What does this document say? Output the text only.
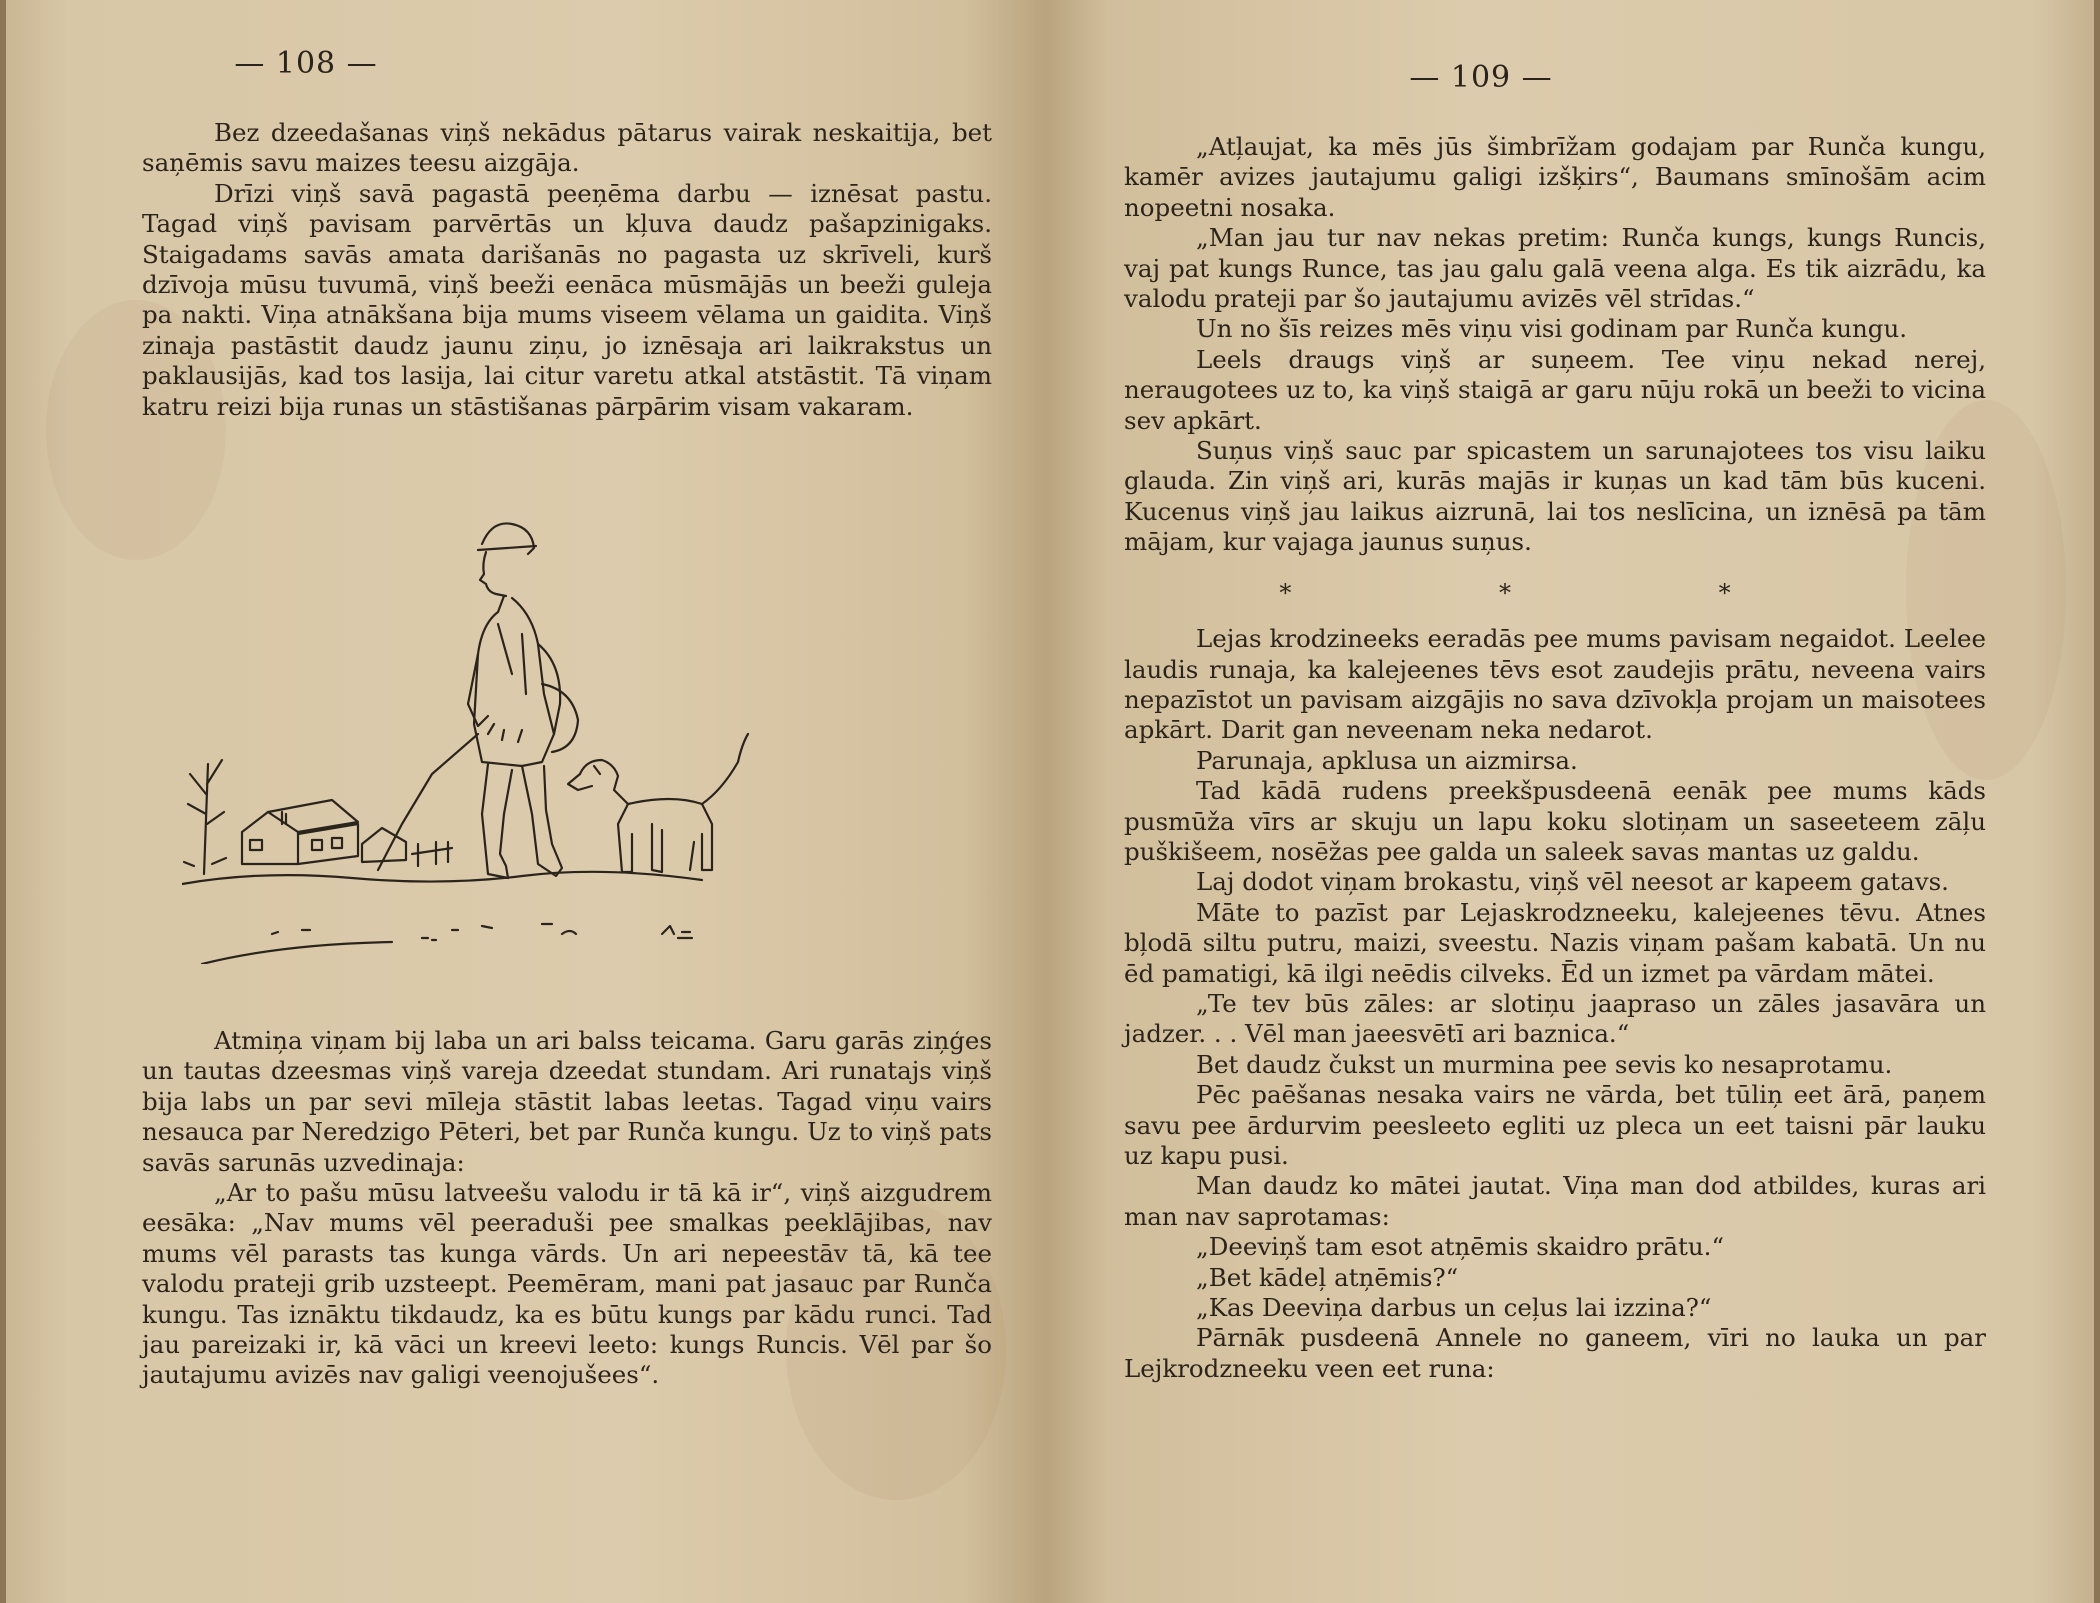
— 108 —

Bez dzeedašanas viņš nekādus pātarus vairak neskaitija, bet saņēmis savu maizes teesu aizgāja.

Drīzi viņš savā pagastā peeņēma darbu — iznēsat pastu. Tagad viņš pavisam parvērtās un kļuva daudz pašapzinigaks. Staigadams savās amata darišanās no pagasta uz skrīveli, kurš dzīvoja mūsu tuvumā, viņš beeži eenāca mūsmājās un beeži guleja pa nakti. Viņa atnākšana bija mums viseem vēlama un gaidita. Viņš zinaja pastāstit daudz jaunu ziņu, jo iznēsaja ari laikrakstus un paklausijās, kad tos lasija, lai citur varetu atkal atstāstit. Tā viņam katru reizi bija runas un stāstišanas pārpārim visam vakaram.

Atmiņa viņam bij laba un ari balss teicama. Garu garās ziņģes un tautas dzeesmas viņš vareja dzeedat stundam. Ari runatajs viņš bija labs un par sevi mīleja stāstit labas leetas. Tagad viņu vairs nesauca par Neredzigo Pēteri, bet par Runča kungu. Uz to viņš pats savās sarunās uzvedinaja:

„Ar to pašu mūsu latveešu valodu ir tā kā ir“, viņš aizgudrem eesāka: „Nav mums vēl peeraduši pee smalkas peeklājibas, nav mums vēl parasts tas kunga vārds. Un ari nepeestāv tā, kā tee valodu prateji grib uzsteept. Peemēram, mani pat jasauc par Runča kungu. Tas iznāktu tikdaudz, ka es būtu kungs par kādu runci. Tad jau pareizaki ir, kā vāci un kreevi leeto: kungs Runcis. Vēl par šo jautajumu avizēs nav galigi veenojušees“.

— 109 —

„Atļaujat, ka mēs jūs šimbrīžam godajam par Runča kungu, kamēr avizes jautajumu galigi izšķirs“, Baumans smīnošām acim nopeetni nosaka.

„Man jau tur nav nekas pretim: Runča kungs, kungs Runcis, vaj pat kungs Runce, tas jau galu galā veena alga. Es tik aizrādu, ka valodu prateji par šo jautajumu avizēs vēl strīdas.“

Un no šīs reizes mēs viņu visi godinam par Runča kungu.

Leels draugs viņš ar suņeem. Tee viņu nekad nerej, neraugotees uz to, ka viņš staigā ar garu nūju rokā un beeži to vicina sev apkārt.

Suņus viņš sauc par spicastem un sarunajotees tos visu laiku glauda. Zin viņš ari, kurās majās ir kuņas un kad tām būs kuceni. Kucenus viņš jau laikus aizrunā, lai tos neslīcina, un iznēsā pa tām mājam, kur vajaga jaunus suņus.

* * *

Lejas krodzineeks eeradās pee mums pavisam negaidot. Leelee laudis runaja, ka kalejeenes tēvs esot zaudejis prātu, neveena vairs nepazīstot un pavisam aizgājis no sava dzīvokļa projam un maisotees apkārt. Darit gan neveenam neka nedarot.

Parunaja, apklusa un aizmirsa.

Tad kādā rudens preekšpusdeenā eenāk pee mums kāds pusmūža vīrs ar skuju un lapu koku slotiņam un saseeteem zāļu puškišeem, nosēžas pee galda un saleek savas mantas uz galdu.

Laj dodot viņam brokastu, viņš vēl neesot ar kapeem gatavs.

Māte to pazīst par Lejaskrodzneeku, kalejeenes tēvu. Atnes bļodā siltu putru, maizi, sveestu. Nazis viņam pašam kabatā. Un nu ēd pamatigi, kā ilgi neēdis cilveks. Ēd un izmet pa vārdam mātei.

„Te tev būs zāles: ar slotiņu jaaprasо un zāles jasavāra un jadzer. . . Vēl man jaeesvētī ari baznica.“

Bet daudz čukst un murmina pee sevis ko nesaprotamu.

Pēc paēšanas nesaka vairs ne vārda, bet tūliņ eet ārā, paņem savu pee ārdurvim peesleeto egliti uz pleca un eet taisni pār lauku uz kapu pusi.

Man daudz ko mātei jautat. Viņa man dod atbildes, kuras ari man nav saprotamas:

„Deeviņš tam esot atņēmis skaidro prātu.“

„Bet kādeļ atņēmis?“

„Kas Deeviņa darbus un ceļus lai izzina?“

Pārnāk pusdeenā Annele no ganeem, vīri no lauka un par Lejkrodzneeku veen eet runa:
